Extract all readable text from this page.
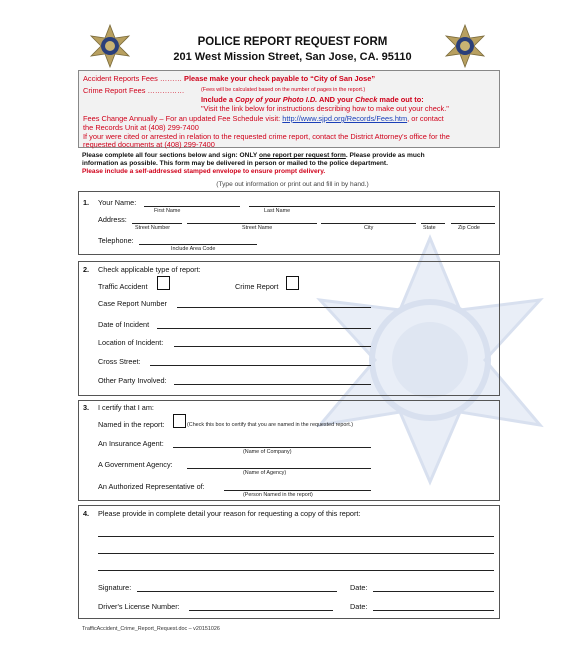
POLICE REPORT REQUEST FORM
201 West Mission Street, San Jose, CA. 95110
Accident Reports Fees ……… Please make your check payable to “City of San Jose”
Crime Report Fees ……………	(Fees will be calculated based on the number of pages in the report.)
Include a Copy of your Photo I.D. AND your Check made out to:
"Visit the link below for instructions describing how to make out your check."
Fees Change Annually – For an updated Fee Schedule visit: http://www.sjpd.org/Records/Fees.htm, or contact
the Records Unit at (408) 299-7400
If your were cited or arrested in relation to the requested crime report, contact the District Attorney's office for the
requested documents at (408) 299-7400
Please complete all four sections below and sign: ONLY one report per request form. Please provide as much
information as possible. This form may be delivered in person or mailed to the police department.
Please include a self-addressed stamped envelope to ensure prompt delivery.
(Type out information or print out and fill in by hand.)
1. Your Name:
First Name	Last Name
Address:
Street Number	Street Name	City	State	Zip Code
Telephone:
Include Area Code
2. Check applicable type of report:
Traffic Accident	Crime Report
Case Report Number
Date of Incident
Location of Incident:
Cross Street:
Other Party Involved:
3. I certify that I am:
Named in the report:	(Check this box to certify that you are named in the requested report.)
An Insurance Agent:
(Name of Company)
A Government Agency:
(Name of Agency)
An Authorized Representative of:
(Person Named in the report)
4. Please provide in complete detail your reason for requesting a copy of this report:
Signature:	Date:
Driver's License Number:	Date:
TrafficAccident_Crime_Report_Request.doc – v20151026
